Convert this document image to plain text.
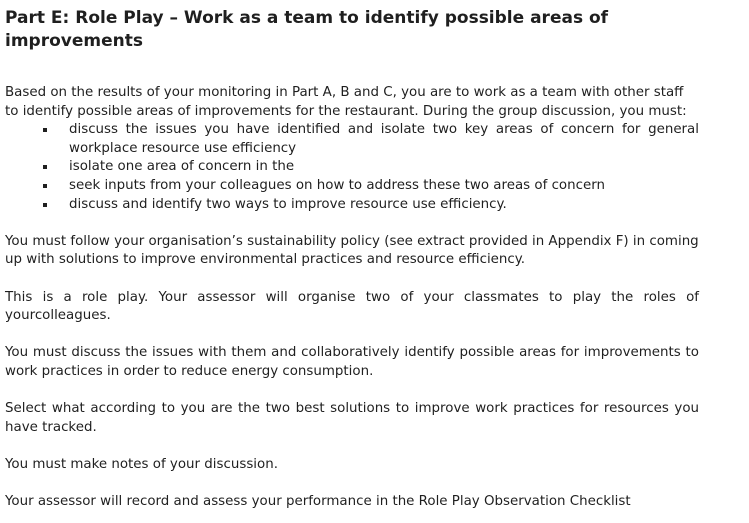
Part E: Role Play – Work as a team to identify possible areas of improvements

Based on the results of your monitoring in Part A, B and C, you are to work as a team with other staff to identify possible areas of improvements for the restaurant. During the group discussion, you must:

discuss the issues you have identified and isolate two key areas of concern for general workplace resource use efficiency
isolate one area of concern in the
seek inputs from your colleagues on how to address these two areas of concern
discuss and identify two ways to improve resource use efficiency.

You must follow your organisation’s sustainability policy (see extract provided in Appendix F) in coming up with solutions to improve environmental practices and resource efficiency.

This is a role play. Your assessor will organise two of your classmates to play the roles of yourcolleagues.

You must discuss the issues with them and collaboratively identify possible areas for improvements to work practices in order to reduce energy consumption.

Select what according to you are the two best solutions to improve work practices for resources you have tracked.

You must make notes of your discussion.

Your assessor will record and assess your performance in the Role Play Observation Checklist
